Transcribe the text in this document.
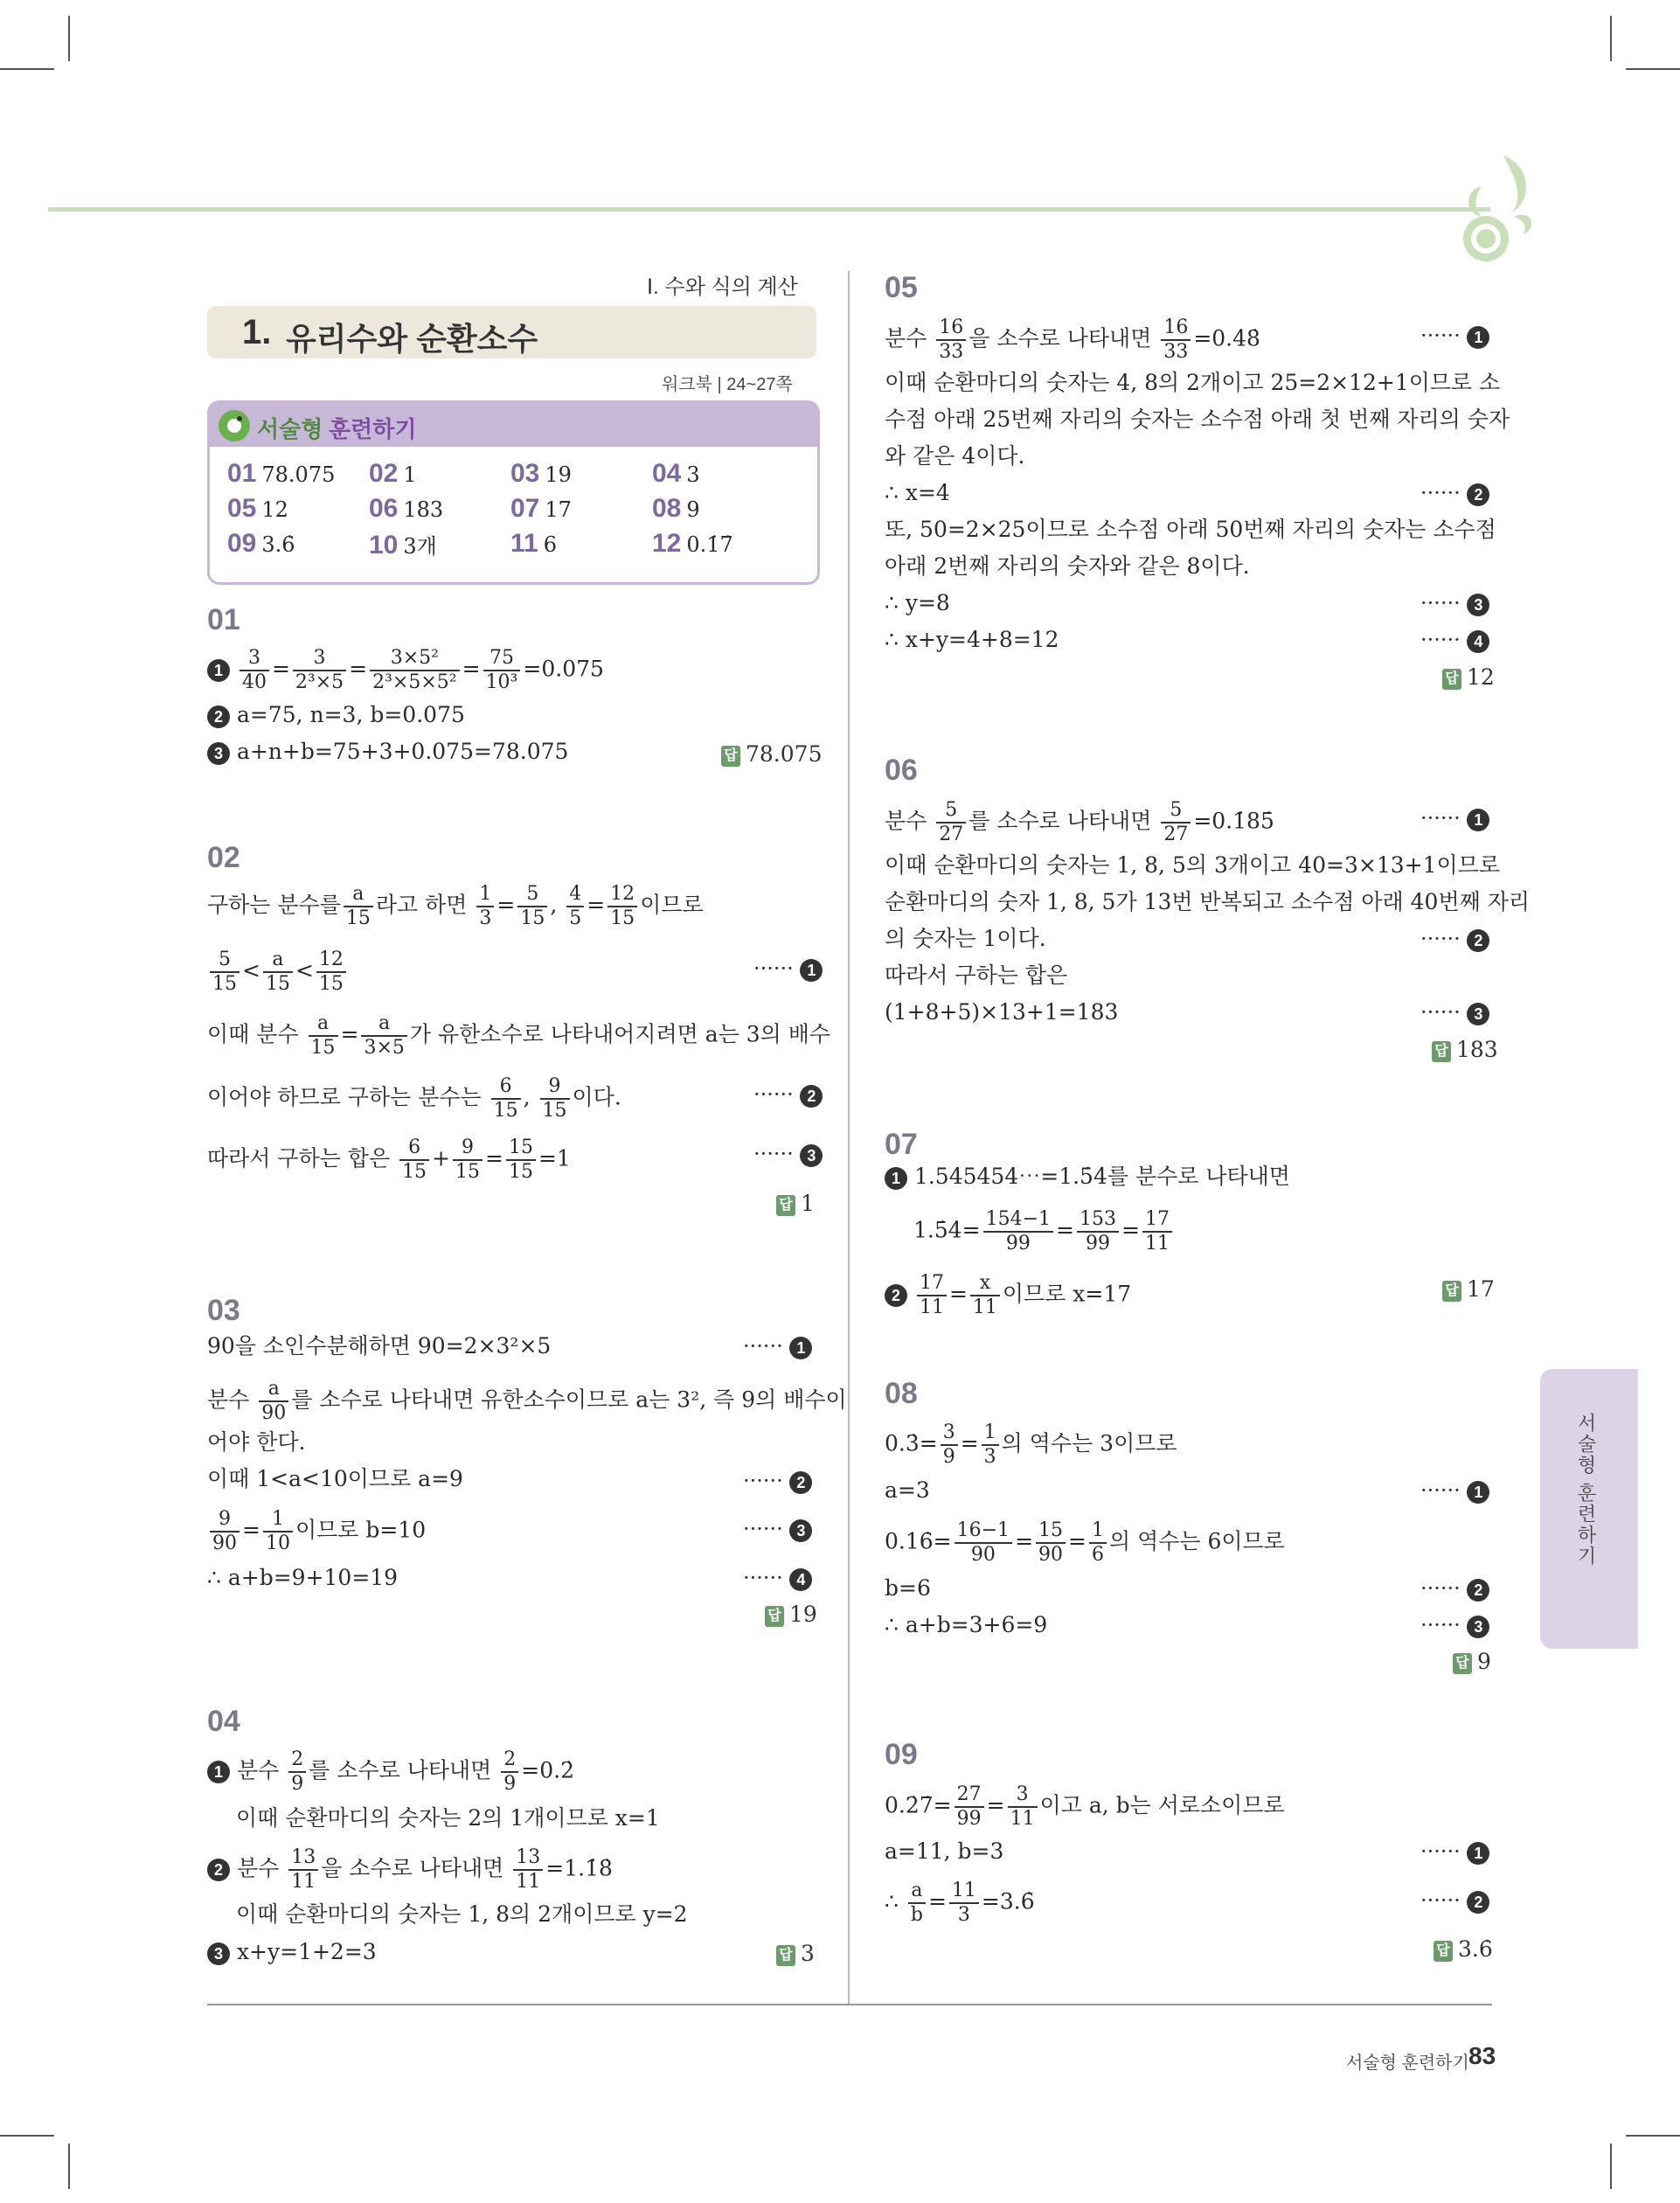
Ⅰ. 수와 식의 계산
1. 유리수와 순환소수
워크북 | 24~27쪽
서술형 훈련하기
01 78.075 02 1	03 19	04 3
05 12	06 183	07 17	08 9
09 3.6̇	10 3개	11 6	12 0.1̇7̇
01
$1 \frac{3}{40} = \frac{3}{\text{2³×5}} = \frac{\text{3×5²}}{\text{2³×5×5²}} = \frac{75}{\text{10³}} =0.075$
2 a=75, n=3, b=0.075
3 a+n+b=75+3+0.075=78.075	답 78.075
02
구하는 분수를 $\frac{a}{15}$ 라고 하면 $\frac{1}{3} = \frac{5}{15}$ , $\frac{4}{5} = \frac{12}{15}$ 이므로
$\frac{5}{15} < \frac{a}{15} < \frac{12}{15}$	······ 1
이때 분수 $\frac{a}{15} = \frac{a}{3\times 5}$ 가 유한소수로 나타내어지려면 a는 3의 배수
이어야 하므로 구하는 분수는 $\frac{6}{15}$ , $\frac{9}{15}$ 이다.	······ 2
따라서 구하는 합은 $\frac{6}{15} + \frac{9}{15} = \frac{15}{15} =1$	······ 3
답 1
03
90을 소인수분해하면 90=2×3²×5	······ 1
분수 $\frac{a}{90}$ 를 소수로 나타내면 유한소수이므로 a는 3², 즉 9의 배수이
어야 한다.
이때 1<a<10이므로 a=9	······ 2
$\frac{9}{90} = \frac{1}{10}$ 이므로 b=10	······ 3
∴ a+b=9+10=19	······ 4
답 19
04
1 분수 $\frac{2}{9}$ 를 소수로 나타내면 $\frac{2}{9}$ =0.2̇
이때 순환마디의 숫자는 2의 1개이므로 x=1
2 분수 $\frac{13}{11}$ 을 소수로 나타내면 $\frac{13}{11}$ =1.1̇8̇
이때 순환마디의 숫자는 1, 8의 2개이므로 y=2
3 x+y=1+2=3	답 3
05
분수 $\frac{16}{33}$ 을 소수로 나타내면 $\frac{16}{33}$ =0.4̇8̇	······ 1
이때 순환마디의 숫자는 4, 8의 2개이고 25=2×12+1이므로 소
수점 아래 25번째 자리의 숫자는 소수점 아래 첫 번째 자리의 숫자
와 같은 4이다.
∴ x=4	······ 2
또, 50=2×25이므로 소수점 아래 50번째 자리의 숫자는 소수점
아래 2번째 자리의 숫자와 같은 8이다.
∴ y=8	······ 3
∴ x+y=4+8=12	······ 4
답 12
06
분수 $\frac{5}{27}$ 를 소수로 나타내면 $\frac{5}{27}$ =0.1̇85̇	······ 1
이때 순환마디의 숫자는 1, 8, 5의 3개이고 40=3×13+1이므로
순환마디의 숫자 1, 8, 5가 13번 반복되고 소수점 아래 40번째 자리
의 숫자는 1이다.	······ 2
따라서 구하는 합은
(1+8+5)×13+1=183	······ 3
답 183
07
1 1.545454⋯=1.5̇4̇를 분수로 나타내면
1.5̇4̇= $\frac{154-1}{99} = \frac{153}{99} = \frac{17}{11}$
$2 \frac{17}{11} = \frac{x}{11}$ 이므로 x=17	답 17
08
0.3̇= $\frac{3}{9} = \frac{1}{3}$ 의 역수는 3이므로
a=3	······ 1
0.16̇= $\frac{16-1}{90} = \frac{15}{90} = \frac{1}{6}$ 의 역수는 6이므로
b=6	······ 2
∴ a+b=3+6=9	······ 3
답 9
09
0.2̇7̇= $\frac{27}{99} = \frac{3}{11}$ 이고 a, b는 서로소이므로
a=11, b=3	······ 1
∴ $\frac{a}{b} = \frac{11}{3}$ =3.6̇	······ 2
답 3.6̇
서술형 훈련하기
서술형 훈련하기 83
